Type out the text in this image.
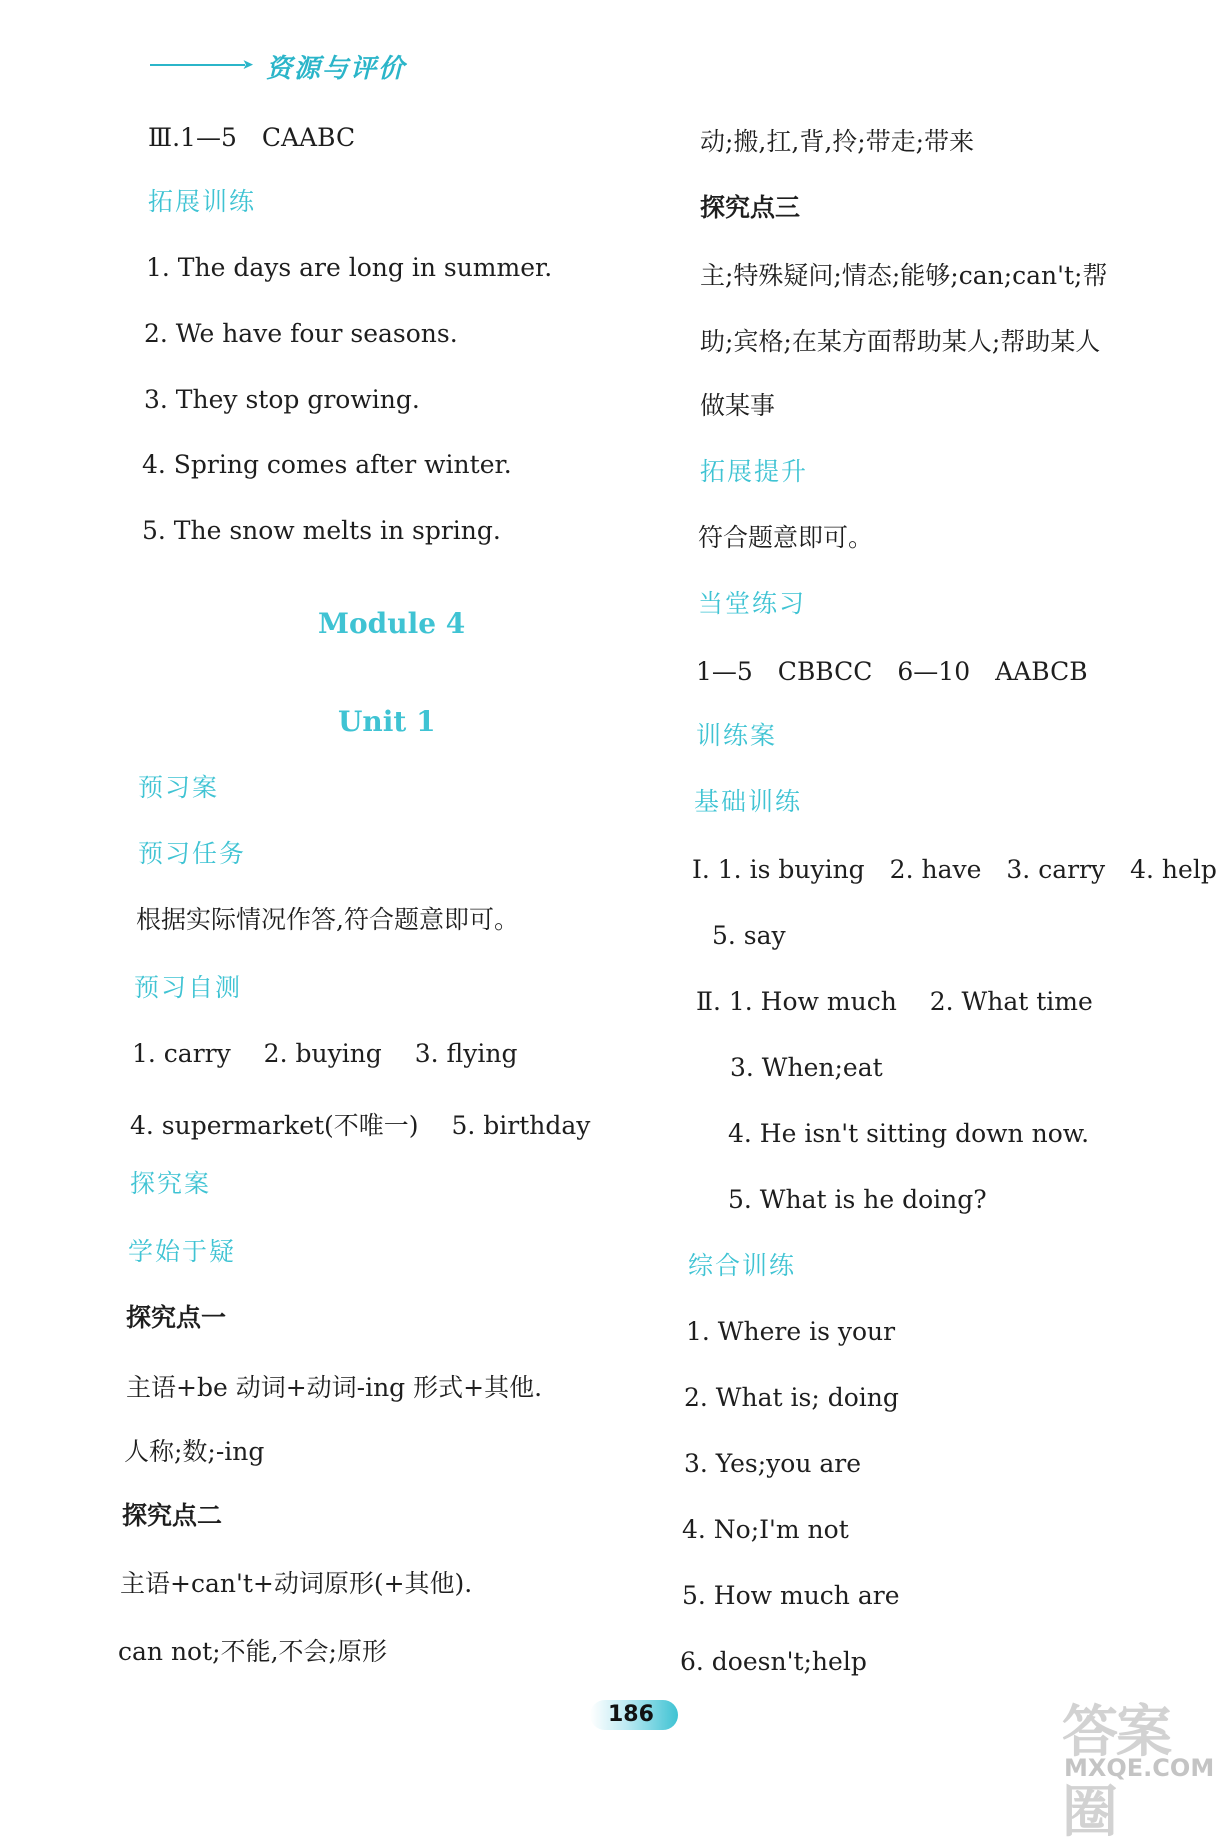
➤ 资源与评价
Ⅲ.1—5　CAABC
拓展训练
1. The days are long in summer.
2. We have four seasons.
3. They stop growing.
4. Spring comes after winter.
5. The snow melts in spring.
Module 4
Unit 1
预习案
预习任务
根据实际情况作答,符合题意即可。
预习自测
1. carry　 2. buying　 3. flying
4. supermarket(不唯一)　 5. birthday
探究案
学始于疑
探究点一
主语+be 动词+动词-ing 形式+其他.
人称;数;-ing
探究点二
主语+can't+动词原形(+其他).
can not;不能,不会;原形
动;搬,扛,背,拎;带走;带来
探究点三
主;特殊疑问;情态;能够;can;can't;帮
助;宾格;在某方面帮助某人;帮助某人
做某事
拓展提升
符合题意即可。
当堂练习
1—5　CBBCC　6—10　AABCB
训练案
基础训练
Ⅰ. 1. is buying　2. have　3. carry　4. help
5. say
Ⅱ. 1. How much　 2. What time
3. When;eat
4. He isn't sitting down now.
5. What is he doing?
综合训练
1. Where is your
2. What is; doing
3. Yes;you are
4. No;I'm not
5. How much are
6. doesn't;help
186	答案圈
MXQE.COM
